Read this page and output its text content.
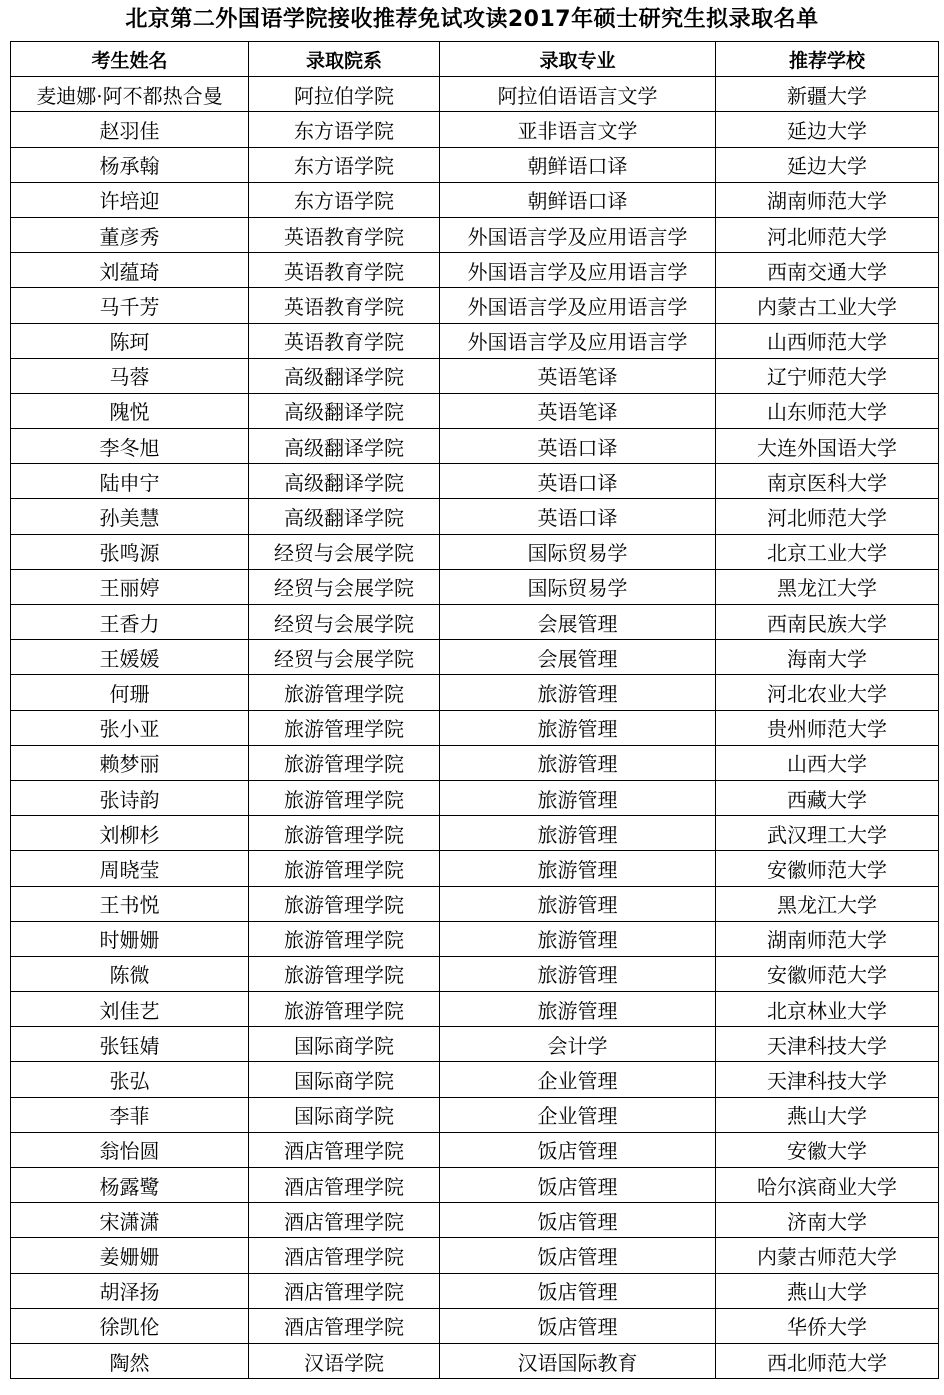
北京第二外国语学院接收推荐免试攻读2017年硕士研究生拟录取名单
考生姓名	录取院系	录取专业	推荐学校
麦迪娜·阿不都热合曼	阿拉伯学院	阿拉伯语语言文学	新疆大学
赵羽佳	东方语学院	亚非语言文学	延边大学
杨承翰	东方语学院	朝鲜语口译	延边大学
许培迎	东方语学院	朝鲜语口译	湖南师范大学
董彦秀	英语教育学院	外国语言学及应用语言学	河北师范大学
刘蕴琦	英语教育学院	外国语言学及应用语言学	西南交通大学
马千芳	英语教育学院	外国语言学及应用语言学	内蒙古工业大学
陈珂	英语教育学院	外国语言学及应用语言学	山西师范大学
马蓉	高级翻译学院	英语笔译	辽宁师范大学
隗悦	高级翻译学院	英语笔译	山东师范大学
李冬旭	高级翻译学院	英语口译	大连外国语大学
陆申宁	高级翻译学院	英语口译	南京医科大学
孙美慧	高级翻译学院	英语口译	河北师范大学
张鸣源	经贸与会展学院	国际贸易学	北京工业大学
王丽婷	经贸与会展学院	国际贸易学	黑龙江大学
王香力	经贸与会展学院	会展管理	西南民族大学
王媛媛	经贸与会展学院	会展管理	海南大学
何珊	旅游管理学院	旅游管理	河北农业大学
张小亚	旅游管理学院	旅游管理	贵州师范大学
赖梦丽	旅游管理学院	旅游管理	山西大学
张诗韵	旅游管理学院	旅游管理	西藏大学
刘柳杉	旅游管理学院	旅游管理	武汉理工大学
周晓莹	旅游管理学院	旅游管理	安徽师范大学
王书悦	旅游管理学院	旅游管理	黑龙江大学
时姗姗	旅游管理学院	旅游管理	湖南师范大学
陈微	旅游管理学院	旅游管理	安徽师范大学
刘佳艺	旅游管理学院	旅游管理	北京林业大学
张钰婧	国际商学院	会计学	天津科技大学
张弘	国际商学院	企业管理	天津科技大学
李菲	国际商学院	企业管理	燕山大学
翁怡圆	酒店管理学院	饭店管理	安徽大学
杨露鹭	酒店管理学院	饭店管理	哈尔滨商业大学
宋潇潇	酒店管理学院	饭店管理	济南大学
姜姗姗	酒店管理学院	饭店管理	内蒙古师范大学
胡泽扬	酒店管理学院	饭店管理	燕山大学
徐凯伦	酒店管理学院	饭店管理	华侨大学
陶然	汉语学院	汉语国际教育	西北师范大学
